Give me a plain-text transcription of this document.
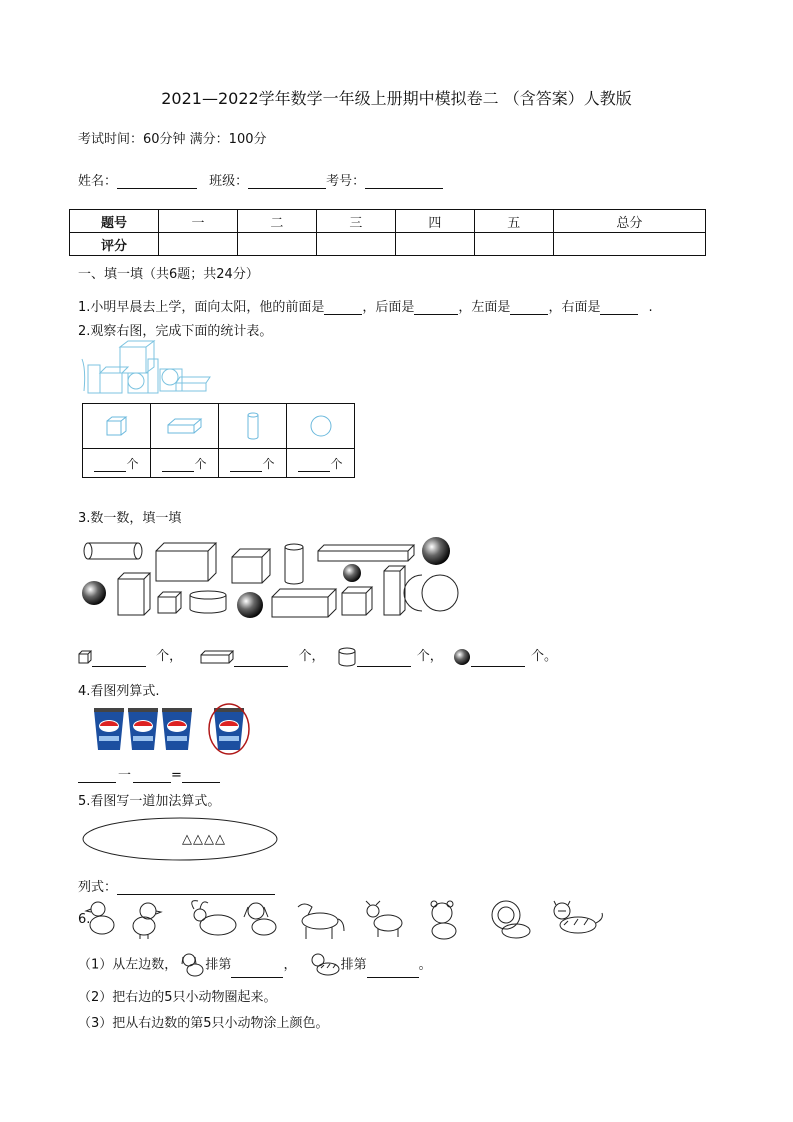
2021—2022学年数学一年级上册期中模拟卷二 （含答案）人教版
考试时间：60分钟 满分：100分
姓名：	班级：	考号：
题号	一	二	三	四	五	总分
评分						
一、填一填（共6题；共24分）
1.小明早晨去上学，面向太阳，他的前面是	，后面是	，左面是	，右面是	.
2.观察右图，完成下面的统计表。

个	个	个	个
3.数一数，填一填
个，	个，	个，	个。
4.看图列算式.
一	=
5.看图写一道加法算式。
△△△△
列式：
6.
（1）从左边数， 排第	，	排第	。
（2）把右边的5只小动物圈起来。
（3）把从右边数的第5只小动物涂上颜色。
